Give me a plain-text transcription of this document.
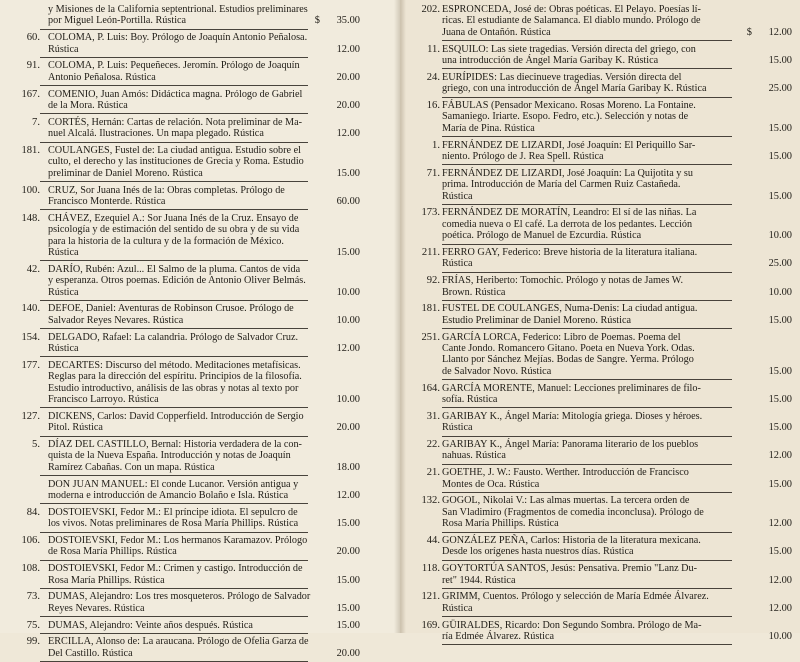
y Misiones de la California septentrional. Estudios preliminares
por Miguel León-Portilla. Rústica	35.00
$
60. COLOMA, P. Luis: Boy. Prólogo de Joaquín Antonio Peñalosa.
Rústica	12.00
91. COLOMA, P. Luis: Pequeñeces. Jeromín. Prólogo de Joaquín
Antonio Peñalosa. Rústica	20.00
167. COMENIO, Juan Amós: Didáctica magna. Prólogo de Gabriel
de la Mora. Rústica	20.00
7. CORTÉS, Hernán: Cartas de relación. Nota preliminar de Ma-
nuel Alcalá. Ilustraciones. Un mapa plegado. Rústica	12.00
181. COULANGES, Fustel de: La ciudad antigua. Estudio sobre el
culto, el derecho y las instituciones de Grecia y Roma. Estudio
preliminar de Daniel Moreno. Rústica	15.00
100. CRUZ, Sor Juana Inés de la: Obras completas. Prólogo de
Francisco Monterde. Rústica	60.00
148. CHÁVEZ, Ezequiel A.: Sor Juana Inés de la Cruz. Ensayo de
psicología y de estimación del sentido de su obra y de su vida
para la historia de la cultura y de la formación de México.
Rústica	15.00
42. DARÍO, Rubén: Azul... El Salmo de la pluma. Cantos de vida
y esperanza. Otros poemas. Edición de Antonio Oliver Belmás.
Rústica	10.00
140. DEFOE, Daniel: Aventuras de Robinson Crusoe. Prólogo de
Salvador Reyes Nevares. Rústica	10.00
154. DELGADO, Rafael: La calandria. Prólogo de Salvador Cruz.
Rústica	12.00
177. DECARTES: Discurso del método. Meditaciones metafísicas.
Reglas para la dirección del espíritu. Principios de la filosofía.
Estudio introductivo, análisis de las obras y notas al texto por
Francisco Larroyo. Rústica	10.00
127. DICKENS, Carlos: David Copperfield. Introducción de Sergio
Pitol. Rústica	20.00
5. DÍAZ DEL CASTILLO, Bernal: Historia verdadera de la con-
quista de la Nueva España. Introducción y notas de Joaquín
Ramírez Cabañas. Con un mapa. Rústica	18.00
DON JUAN MANUEL: El conde Lucanor. Versión antigua y
moderna e introducción de Amancio Bolaño e Isla. Rústica	12.00
84. DOSTOIEVSKI, Fedor M.: El príncipe idiota. El sepulcro de
los vivos. Notas preliminares de Rosa María Phillips. Rústica	15.00
106. DOSTOIEVSKI, Fedor M.: Los hermanos Karamazov. Prólogo
de Rosa María Phillips. Rústica	20.00
108. DOSTOIEVSKI, Fedor M.: Crimen y castigo. Introducción de
Rosa María Phillips. Rústica	15.00
73. DUMAS, Alejandro: Los tres mosqueteros. Prólogo de Salvador
Reyes Nevares. Rústica	15.00
75. DUMAS, Alejandro: Veinte años después. Rústica	15.00
99. ERCILLA, Alonso de: La araucana. Prólogo de Ofelia Garza de
Del Castillo. Rústica	20.00
202. ESPRONCEDA, José de: Obras poéticas. El Pelayo. Poesías lí-
ricas. El estudiante de Salamanca. El diablo mundo. Prólogo de
Juana de Ontañón. Rústica	12.00
$
11. ESQUILO: Las siete tragedias. Versión directa del griego, con
una introducción de Ángel María Garibay K. Rústica	15.00
24. EURÍPIDES: Las diecinueve tragedias. Versión directa del
griego, con una introducción de Ángel María Garibay K. Rústica	25.00
16. FÁBULAS (Pensador Mexicano. Rosas Moreno. La Fontaine.
Samaniego. Iriarte. Esopo. Fedro, etc.). Selección y notas de
María de Pina. Rústica	15.00
1. FERNÁNDEZ DE LIZARDI, José Joaquín: El Periquillo Sar-
niento. Prólogo de J. Rea Spell. Rústica	15.00
71. FERNÁNDEZ DE LIZARDI, José Joaquín: La Quijotita y su
prima. Introducción de María del Carmen Ruiz Castañeda.
Rústica	15.00
173. FERNÁNDEZ DE MORATÍN, Leandro: El sí de las niñas. La
comedia nueva o El café. La derrota de los pedantes. Lección
poética. Prólogo de Manuel de Ezcurdia. Rústica	10.00
211. FERRO GAY, Federico: Breve historia de la literatura italiana.
Rústica	25.00
92. FRÍAS, Heriberto: Tomochic. Prólogo y notas de James W.
Brown. Rústica	10.00
181. FUSTEL DE COULANGES, Numa-Denis: La ciudad antigua.
Estudio Preliminar de Daniel Moreno. Rústica	15.00
251. GARCÍA LORCA, Federico: Libro de Poemas. Poema del
Cante Jondo. Romancero Gitano. Poeta en Nueva York. Odas.
Llanto por Sánchez Mejías. Bodas de Sangre. Yerma. Prólogo
de Salvador Novo. Rústica	15.00
164. GARCÍA MORENTE, Manuel: Lecciones preliminares de filo-
sofía. Rústica	15.00
31. GARIBAY K., Ángel María: Mitología griega. Dioses y héroes.
Rústica	15.00
22. GARIBAY K., Ángel María: Panorama literario de los pueblos
nahuas. Rústica	12.00
21. GOETHE, J. W.: Fausto. Werther. Introducción de Francisco
Montes de Oca. Rústica	15.00
132. GOGOL, Nikolai V.: Las almas muertas. La tercera orden de
San Vladimiro (Fragmentos de comedia inconclusa). Prólogo de
Rosa María Phillips. Rústica	12.00
44. GONZÁLEZ PEÑA, Carlos: Historia de la literatura mexicana.
Desde los orígenes hasta nuestros días. Rústica	15.00
118. GOYTORTÚA SANTOS, Jesús: Pensativa. Premio "Lanz Du-
ret" 1944. Rústica	12.00
121. GRIMM, Cuentos. Prólogo y selección de María Edmée Álvarez.
Rústica	12.00
169. GÜIRALDES, Ricardo: Don Segundo Sombra. Prólogo de Ma-
ría Edmée Álvarez. Rústica	10.00
